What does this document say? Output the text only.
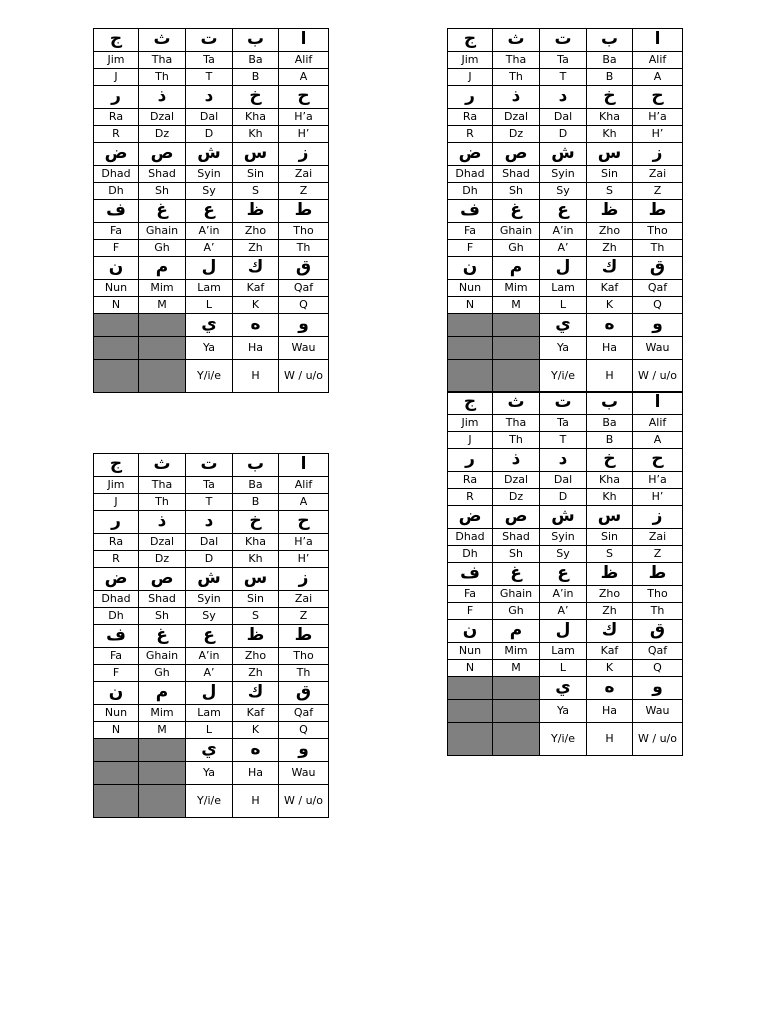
ج	ث	ت	ب	ا
Jim	Tha	Ta	Ba	Alif
J	Th	T	B	A
ر	ذ	د	خ	ح
Ra	Dzal	Dal	Kha	H’a
R	Dz	D	Kh	H’
ض	ص	ش	س	ز
Dhad	Shad	Syin	Sin	Zai
Dh	Sh	Sy	S	Z
ف	غ	ع	ظ	ط
Fa	Ghain	A’in	Zho	Tho
F	Gh	A’	Zh	Th
ن	م	ل	ك	ق
Nun	Mim	Lam	Kaf	Qaf
N	M	L	K	Q
		ي	ه	و
		Ya	Ha	Wau
		Y/i/e	H	W / u/o
ج	ث	ت	ب	ا
Jim	Tha	Ta	Ba	Alif
J	Th	T	B	A
ر	ذ	د	خ	ح
Ra	Dzal	Dal	Kha	H’a
R	Dz	D	Kh	H’
ض	ص	ش	س	ز
Dhad	Shad	Syin	Sin	Zai
Dh	Sh	Sy	S	Z
ف	غ	ع	ظ	ط
Fa	Ghain	A’in	Zho	Tho
F	Gh	A’	Zh	Th
ن	م	ل	ك	ق
Nun	Mim	Lam	Kaf	Qaf
N	M	L	K	Q
		ي	ه	و
		Ya	Ha	Wau
		Y/i/e	H	W / u/o
ج	ث	ت	ب	ا
Jim	Tha	Ta	Ba	Alif
J	Th	T	B	A
ر	ذ	د	خ	ح
Ra	Dzal	Dal	Kha	H’a
R	Dz	D	Kh	H’
ض	ص	ش	س	ز
Dhad	Shad	Syin	Sin	Zai
Dh	Sh	Sy	S	Z
ف	غ	ع	ظ	ط
Fa	Ghain	A’in	Zho	Tho
F	Gh	A’	Zh	Th
ن	م	ل	ك	ق
Nun	Mim	Lam	Kaf	Qaf
N	M	L	K	Q
		ي	ه	و
		Ya	Ha	Wau
		Y/i/e	H	W / u/o
ج	ث	ت	ب	ا
Jim	Tha	Ta	Ba	Alif
J	Th	T	B	A
ر	ذ	د	خ	ح
Ra	Dzal	Dal	Kha	H’a
R	Dz	D	Kh	H’
ض	ص	ش	س	ز
Dhad	Shad	Syin	Sin	Zai
Dh	Sh	Sy	S	Z
ف	غ	ع	ظ	ط
Fa	Ghain	A’in	Zho	Tho
F	Gh	A’	Zh	Th
ن	م	ل	ك	ق
Nun	Mim	Lam	Kaf	Qaf
N	M	L	K	Q
		ي	ه	و
		Ya	Ha	Wau
		Y/i/e	H	W / u/o
